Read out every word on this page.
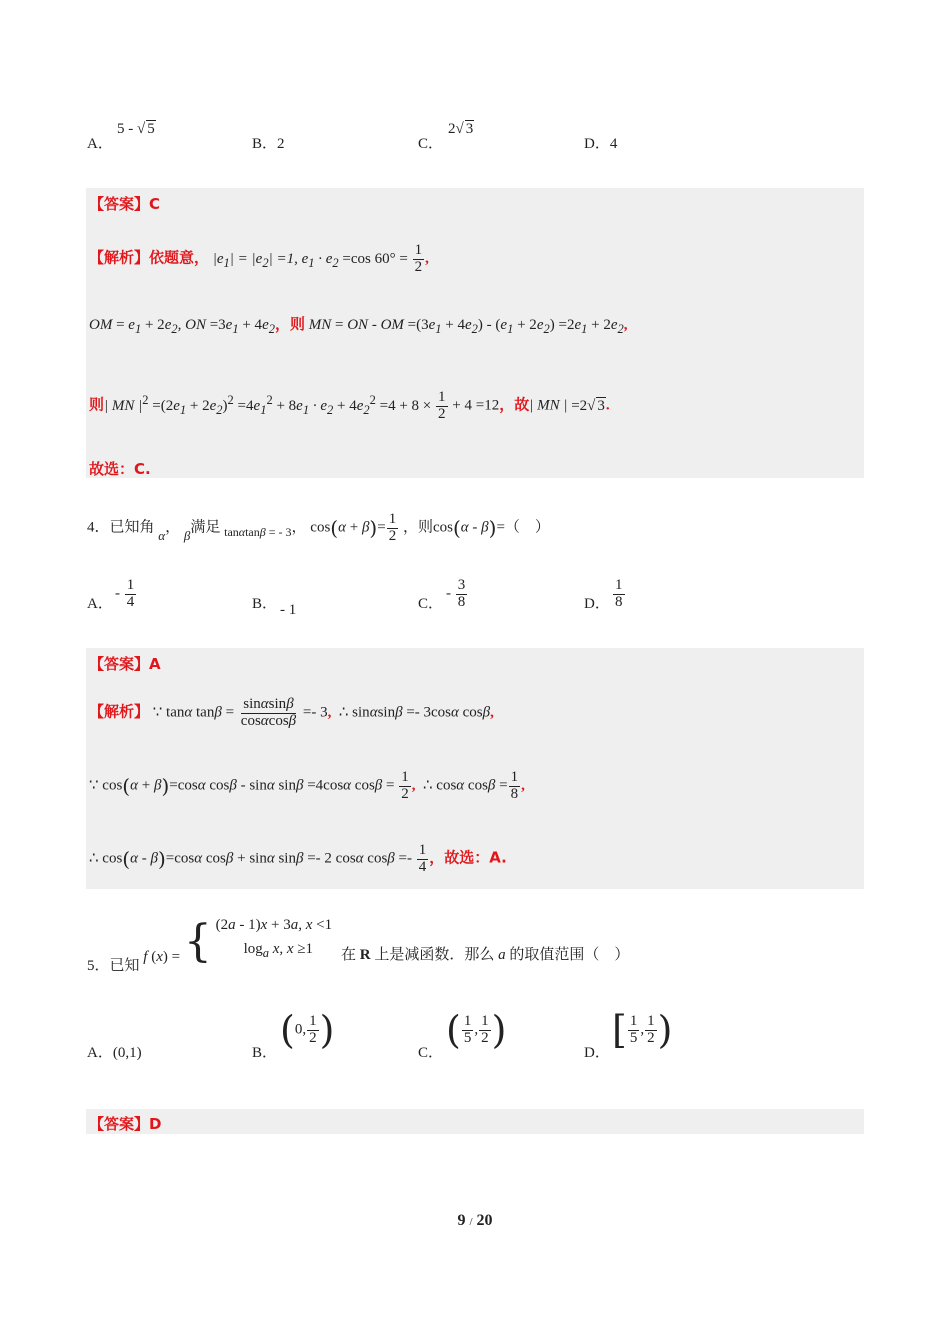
A．
5 - √ 5
B．2	C．
2√ 3
D．4
【答案】C
【解析】依题意， $|e_1| = |e_2| =1$, $e_1 \cdot e_2 =\cos$ $60^\circ = \frac{1}{2}$ ,
OM = $e_1 + 2e_2$, ON $=3e_1 + 4e_2$，则 MN = ON - OM $=(3e_1 + 4e_2) - (e_1 + 2e_2) =2e_1 + 2e_2$,
则| MN $|^2 =(2e_1 + 2e_2)^2 =4e_1^2 + 8e_1 \cdot e_2 + 4e_2^2 =4 + 8 \times \frac{1}{2} + 4 =12$，故| MN | =2√ 3.
故选：C.
4．已知角 α， β满足 $_{tan\alpha tan\beta = - 3}$， $\cos(\alpha + \beta)= \frac{1}{2}$ ，则cos(α - β)=（　）
A．
- $\frac{1}{4}$	B． - 1	C．
- $\frac{3}{8}$	D． $\frac{1}{8}$
【答案】A
【解析】 ∵ tanα $\tan\beta = \frac{\sin\alpha\sin\beta}{\cos\alpha\cos\beta} =- 3$, ∴ sinαsinβ =- 3cosα cosβ,
∵ cos(α + β)=cosα cosβ - sinα sinβ =4cosα $\cos\beta = \frac{1}{2}$ , ∴ cosα $\cos\beta = \frac{1}{8}$ ,
∴ cos(α - β)=cosα cosβ + sinα sinβ =- 2 cosα $\cos\beta =- \frac{1}{4}$ ，故选：A.
5．已知 f (x) = { (2a - 1)x + 3a, x <1
$\log_a x$, x ≥1	在 R 上是减函数．那么 a 的取值范围（　）
A．(0,1)	B．
(0, $\frac{1}{2}$ )
C．
( $\frac{1}{5}$ , $\frac{1}{2}$ )
D．
[ $\frac{1}{5}$ , $\frac{1}{2}$ )
【答案】D
9 / 20
